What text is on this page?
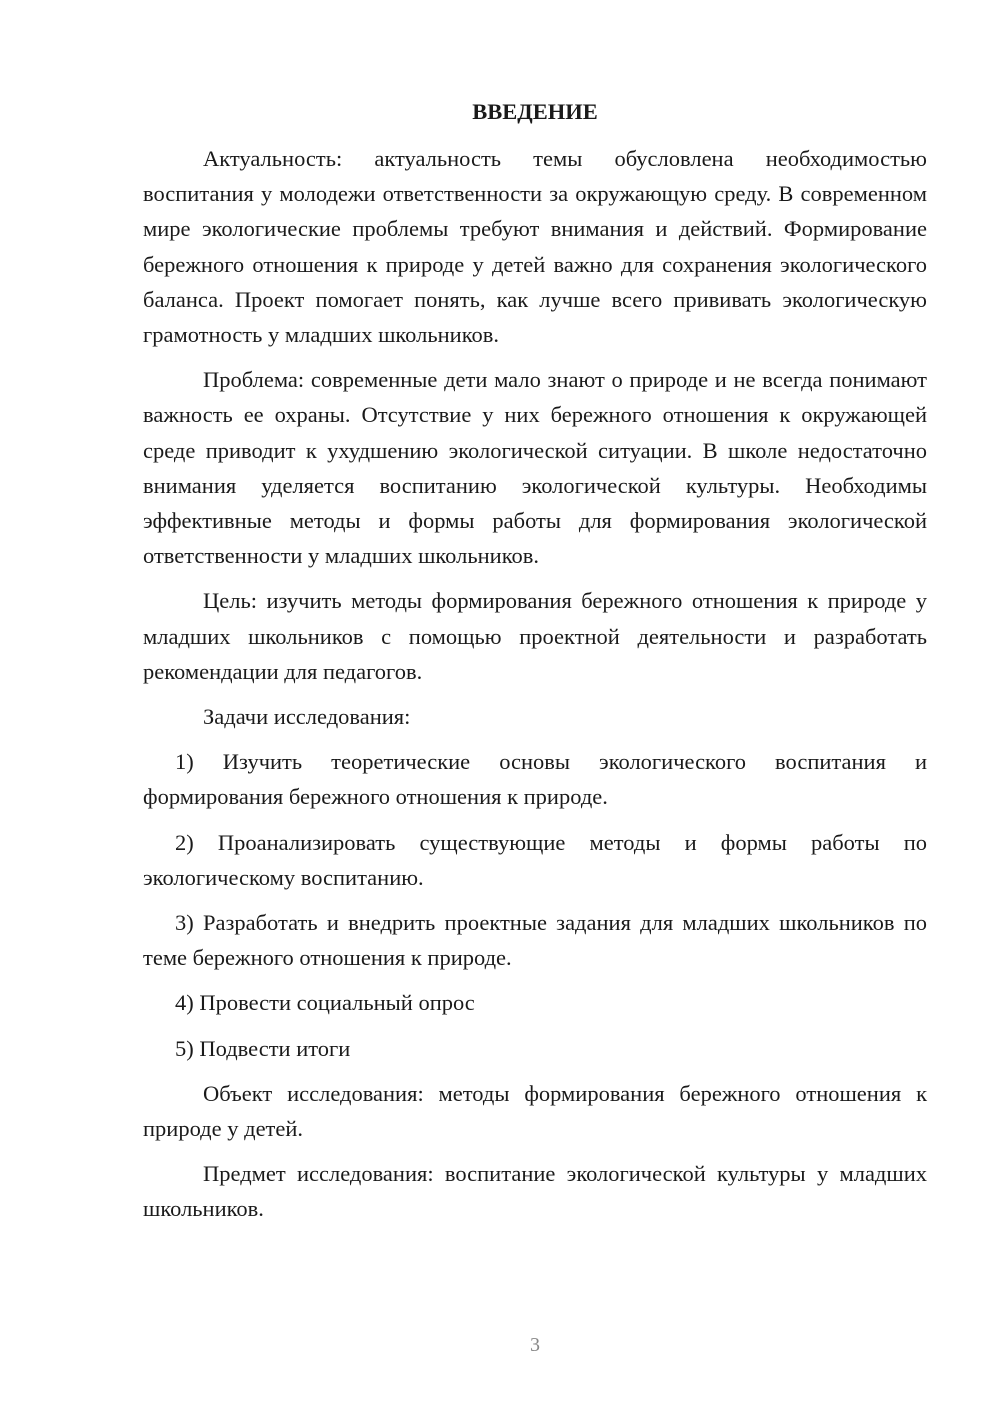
ВВЕДЕНИЕ

Актуальность: актуальность темы обусловлена необходимостью воспитания у молодежи ответственности за окружающую среду. В современном мире экологические проблемы требуют внимания и действий. Формирование бережного отношения к природе у детей важно для сохранения экологического баланса. Проект помогает понять, как лучше всего прививать экологическую грамотность у младших школьников.

Проблема: современные дети мало знают о природе и не всегда понимают важность ее охраны. Отсутствие у них бережного отношения к окружающей среде приводит к ухудшению экологической ситуации. В школе недостаточно внимания уделяется воспитанию экологической культуры. Необходимы эффективные методы и формы работы для формирования экологической ответственности у младших школьников.

Цель: изучить методы формирования бережного отношения к природе у младших школьников с помощью проектной деятельности и разработать рекомендации для педагогов.

Задачи исследования:

1) Изучить теоретические основы экологического воспитания и формирования бережного отношения к природе.

2) Проанализировать существующие методы и формы работы по экологическому воспитанию.

3) Разработать и внедрить проектные задания для младших школьников по теме бережного отношения к природе.

4) Провести социальный опрос

5) Подвести итоги

Объект исследования: методы формирования бережного отношения к природе у детей.

Предмет исследования: воспитание экологической культуры у младших школьников.

3
